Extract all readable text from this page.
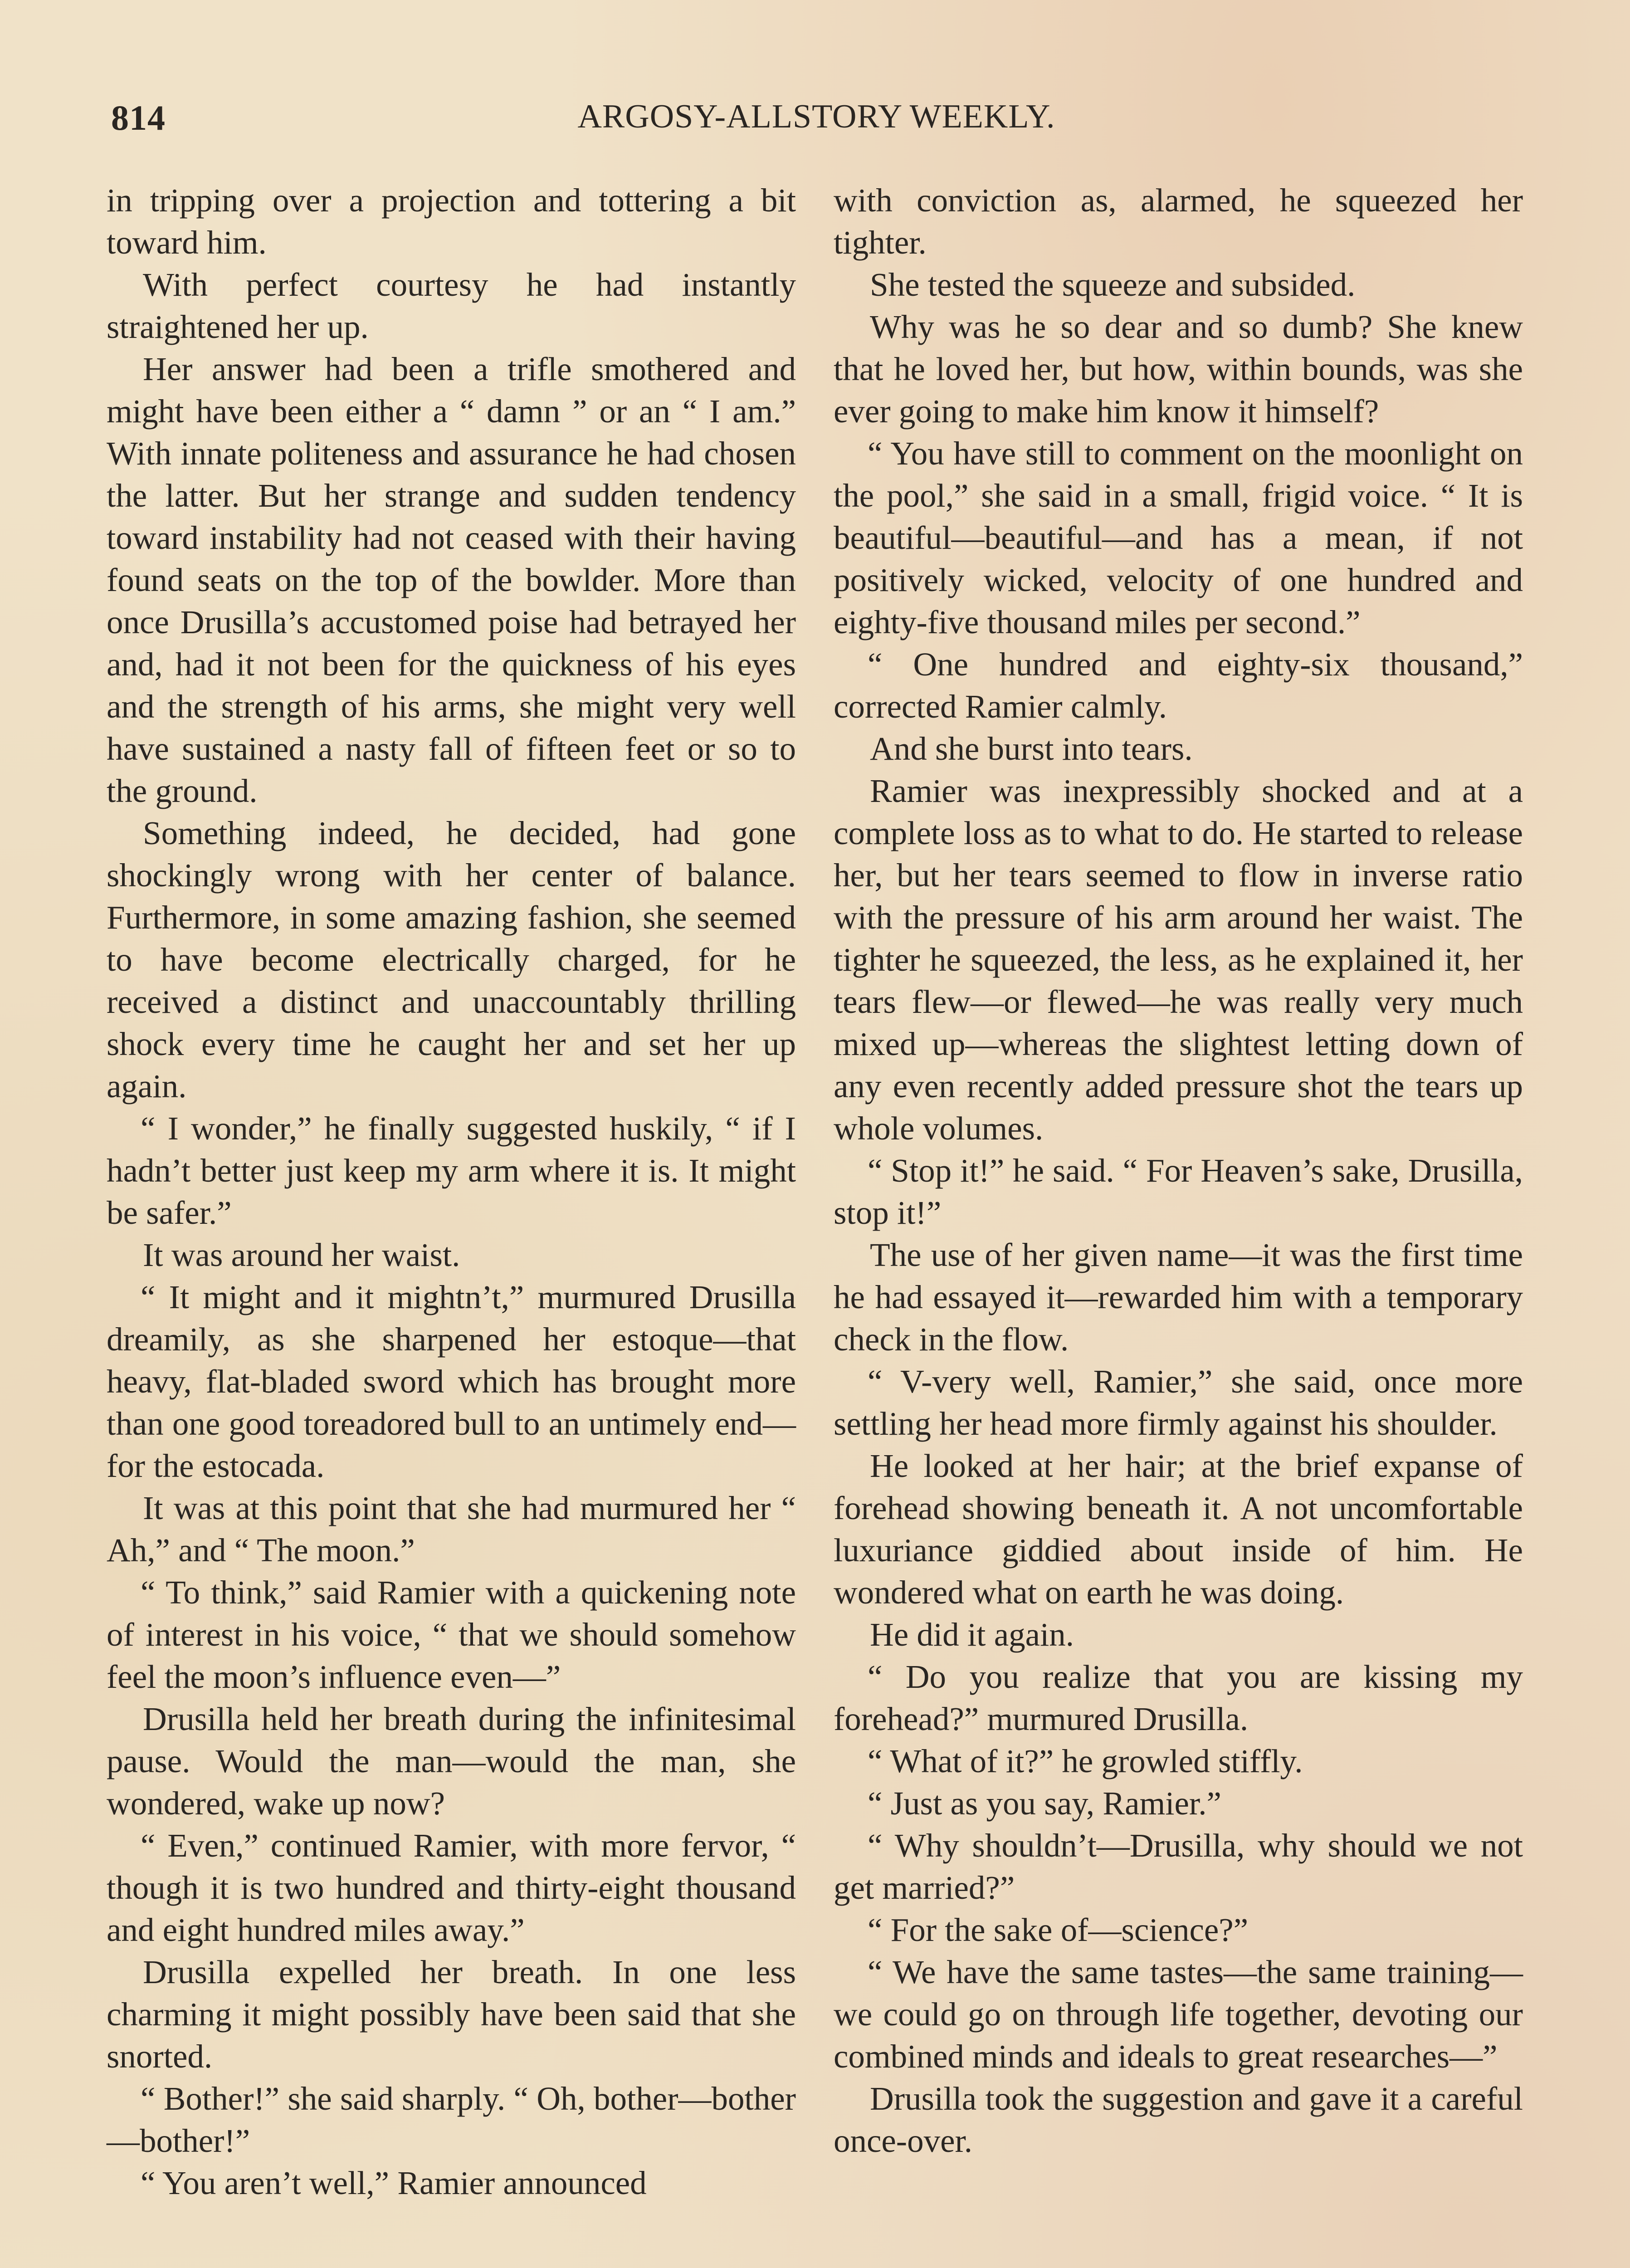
814	ARGOSY-ALLSTORY WEEKLY.

in tripping over a projection and tottering a bit toward him.

With perfect courtesy he had instantly straightened her up.

Her answer had been a trifle smothered and might have been either a “ damn ” or an “ I am.” With innate politeness and assurance he had chosen the latter. But her strange and sudden tendency toward instability had not ceased with their having found seats on the top of the bowlder. More than once Drusilla’s accustomed poise had betrayed her and, had it not been for the quickness of his eyes and the strength of his arms, she might very well have sustained a nasty fall of fifteen feet or so to the ground.

Something indeed, he decided, had gone shockingly wrong with her center of balance. Furthermore, in some amazing fashion, she seemed to have become electrically charged, for he received a distinct and unaccountably thrilling shock every time he caught her and set her up again.

“ I wonder,” he finally suggested huskily, “ if I hadn’t better just keep my arm where it is. It might be safer.”

It was around her waist.

“ It might and it mightn’t,” murmured Drusilla dreamily, as she sharpened her estoque—that heavy, flat-bladed sword which has brought more than one good toreadored bull to an untimely end—for the estocada.

It was at this point that she had murmured her “ Ah,” and “ The moon.”

“ To think,” said Ramier with a quickening note of interest in his voice, “ that we should somehow feel the moon’s influence even—”

Drusilla held her breath during the infinitesimal pause. Would the man—would the man, she wondered, wake up now?

“ Even,” continued Ramier, with more fervor, “ though it is two hundred and thirty-eight thousand and eight hundred miles away.”

Drusilla expelled her breath. In one less charming it might possibly have been said that she snorted.

“ Bother!” she said sharply. “ Oh, bother—bother—bother!”

“ You aren’t well,” Ramier announced

with conviction as, alarmed, he squeezed her tighter.

She tested the squeeze and subsided.

Why was he so dear and so dumb? She knew that he loved her, but how, within bounds, was she ever going to make him know it himself?

“ You have still to comment on the moonlight on the pool,” she said in a small, frigid voice. “ It is beautiful—beautiful—and has a mean, if not positively wicked, velocity of one hundred and eighty-five thousand miles per second.”

“ One hundred and eighty-six thousand,” corrected Ramier calmly.

And she burst into tears.

Ramier was inexpressibly shocked and at a complete loss as to what to do. He started to release her, but her tears seemed to flow in inverse ratio with the pressure of his arm around her waist. The tighter he squeezed, the less, as he explained it, her tears flew—or flewed—he was really very much mixed up—whereas the slightest letting down of any even recently added pressure shot the tears up whole volumes.

“ Stop it!” he said. “ For Heaven’s sake, Drusilla, stop it!”

The use of her given name—it was the first time he had essayed it—rewarded him with a temporary check in the flow.

“ V-very well, Ramier,” she said, once more settling her head more firmly against his shoulder.

He looked at her hair; at the brief expanse of forehead showing beneath it. A not uncomfortable luxuriance giddied about inside of him. He wondered what on earth he was doing.

He did it again.

“ Do you realize that you are kissing my forehead?” murmured Drusilla.

“ What of it?” he growled stiffly.

“ Just as you say, Ramier.”

“ Why shouldn’t—Drusilla, why should we not get married?”

“ For the sake of—science?”

“ We have the same tastes—the same training—we could go on through life together, devoting our combined minds and ideals to great researches—”

Drusilla took the suggestion and gave it a careful once-over.
